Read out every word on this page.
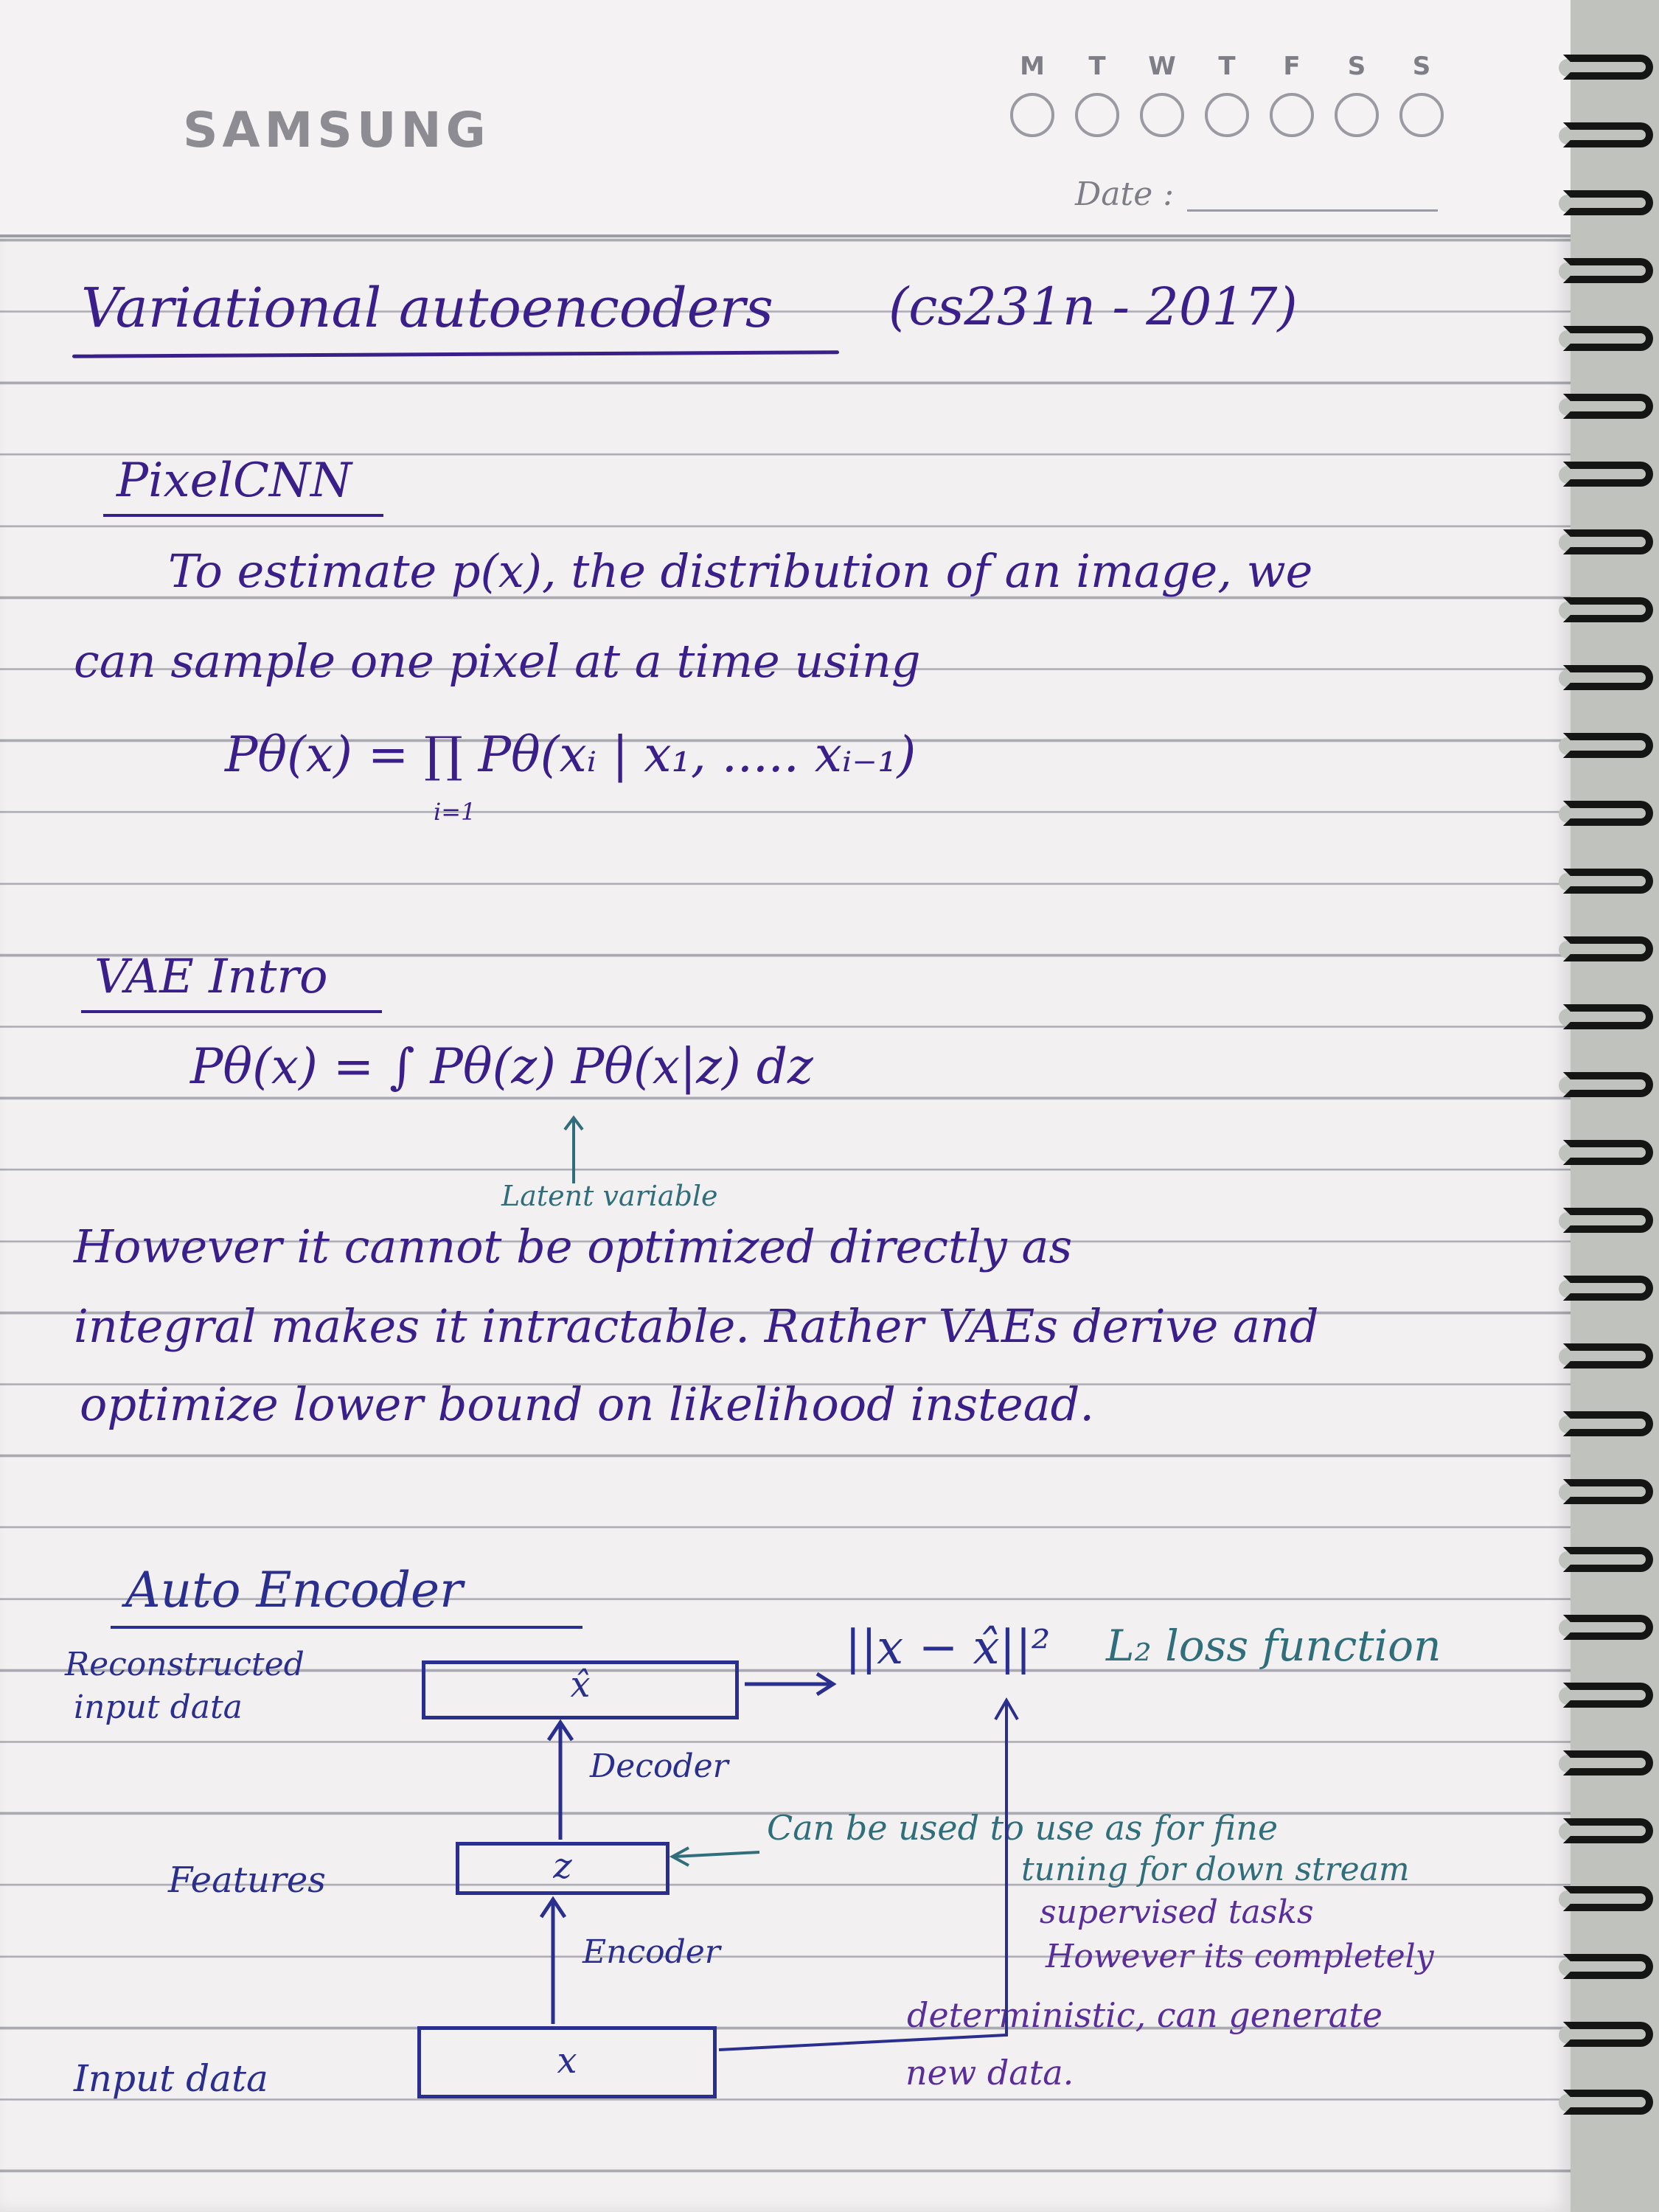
SAMSUNG
M	T	W	T	F	S	S
Date :
Variational autoencoders (cs231n - 2017)
PixelCNN
To estimate p(x), the distribution of an image, we
can sample one pixel at a time using
Pθ(x) = ∏ Pθ(xᵢ | x₁, ..... xᵢ₋₁)
i=1
VAE Intro
Pθ(x) = ∫ Pθ(z) Pθ(x|z) dz
Latent variable
However it cannot be optimized directly as
integral makes it intractable. Rather VAEs derive and
optimize lower bound on likelihood instead.
Auto Encoder
Reconstructed
input data
Features
Input data
x̂
z
x
Decoder
Encoder
||x − x̂||² L₂ loss function
Can be used to use as for fine
tuning for down stream
supervised tasks
However its completely
deterministic, can generate
new data.
